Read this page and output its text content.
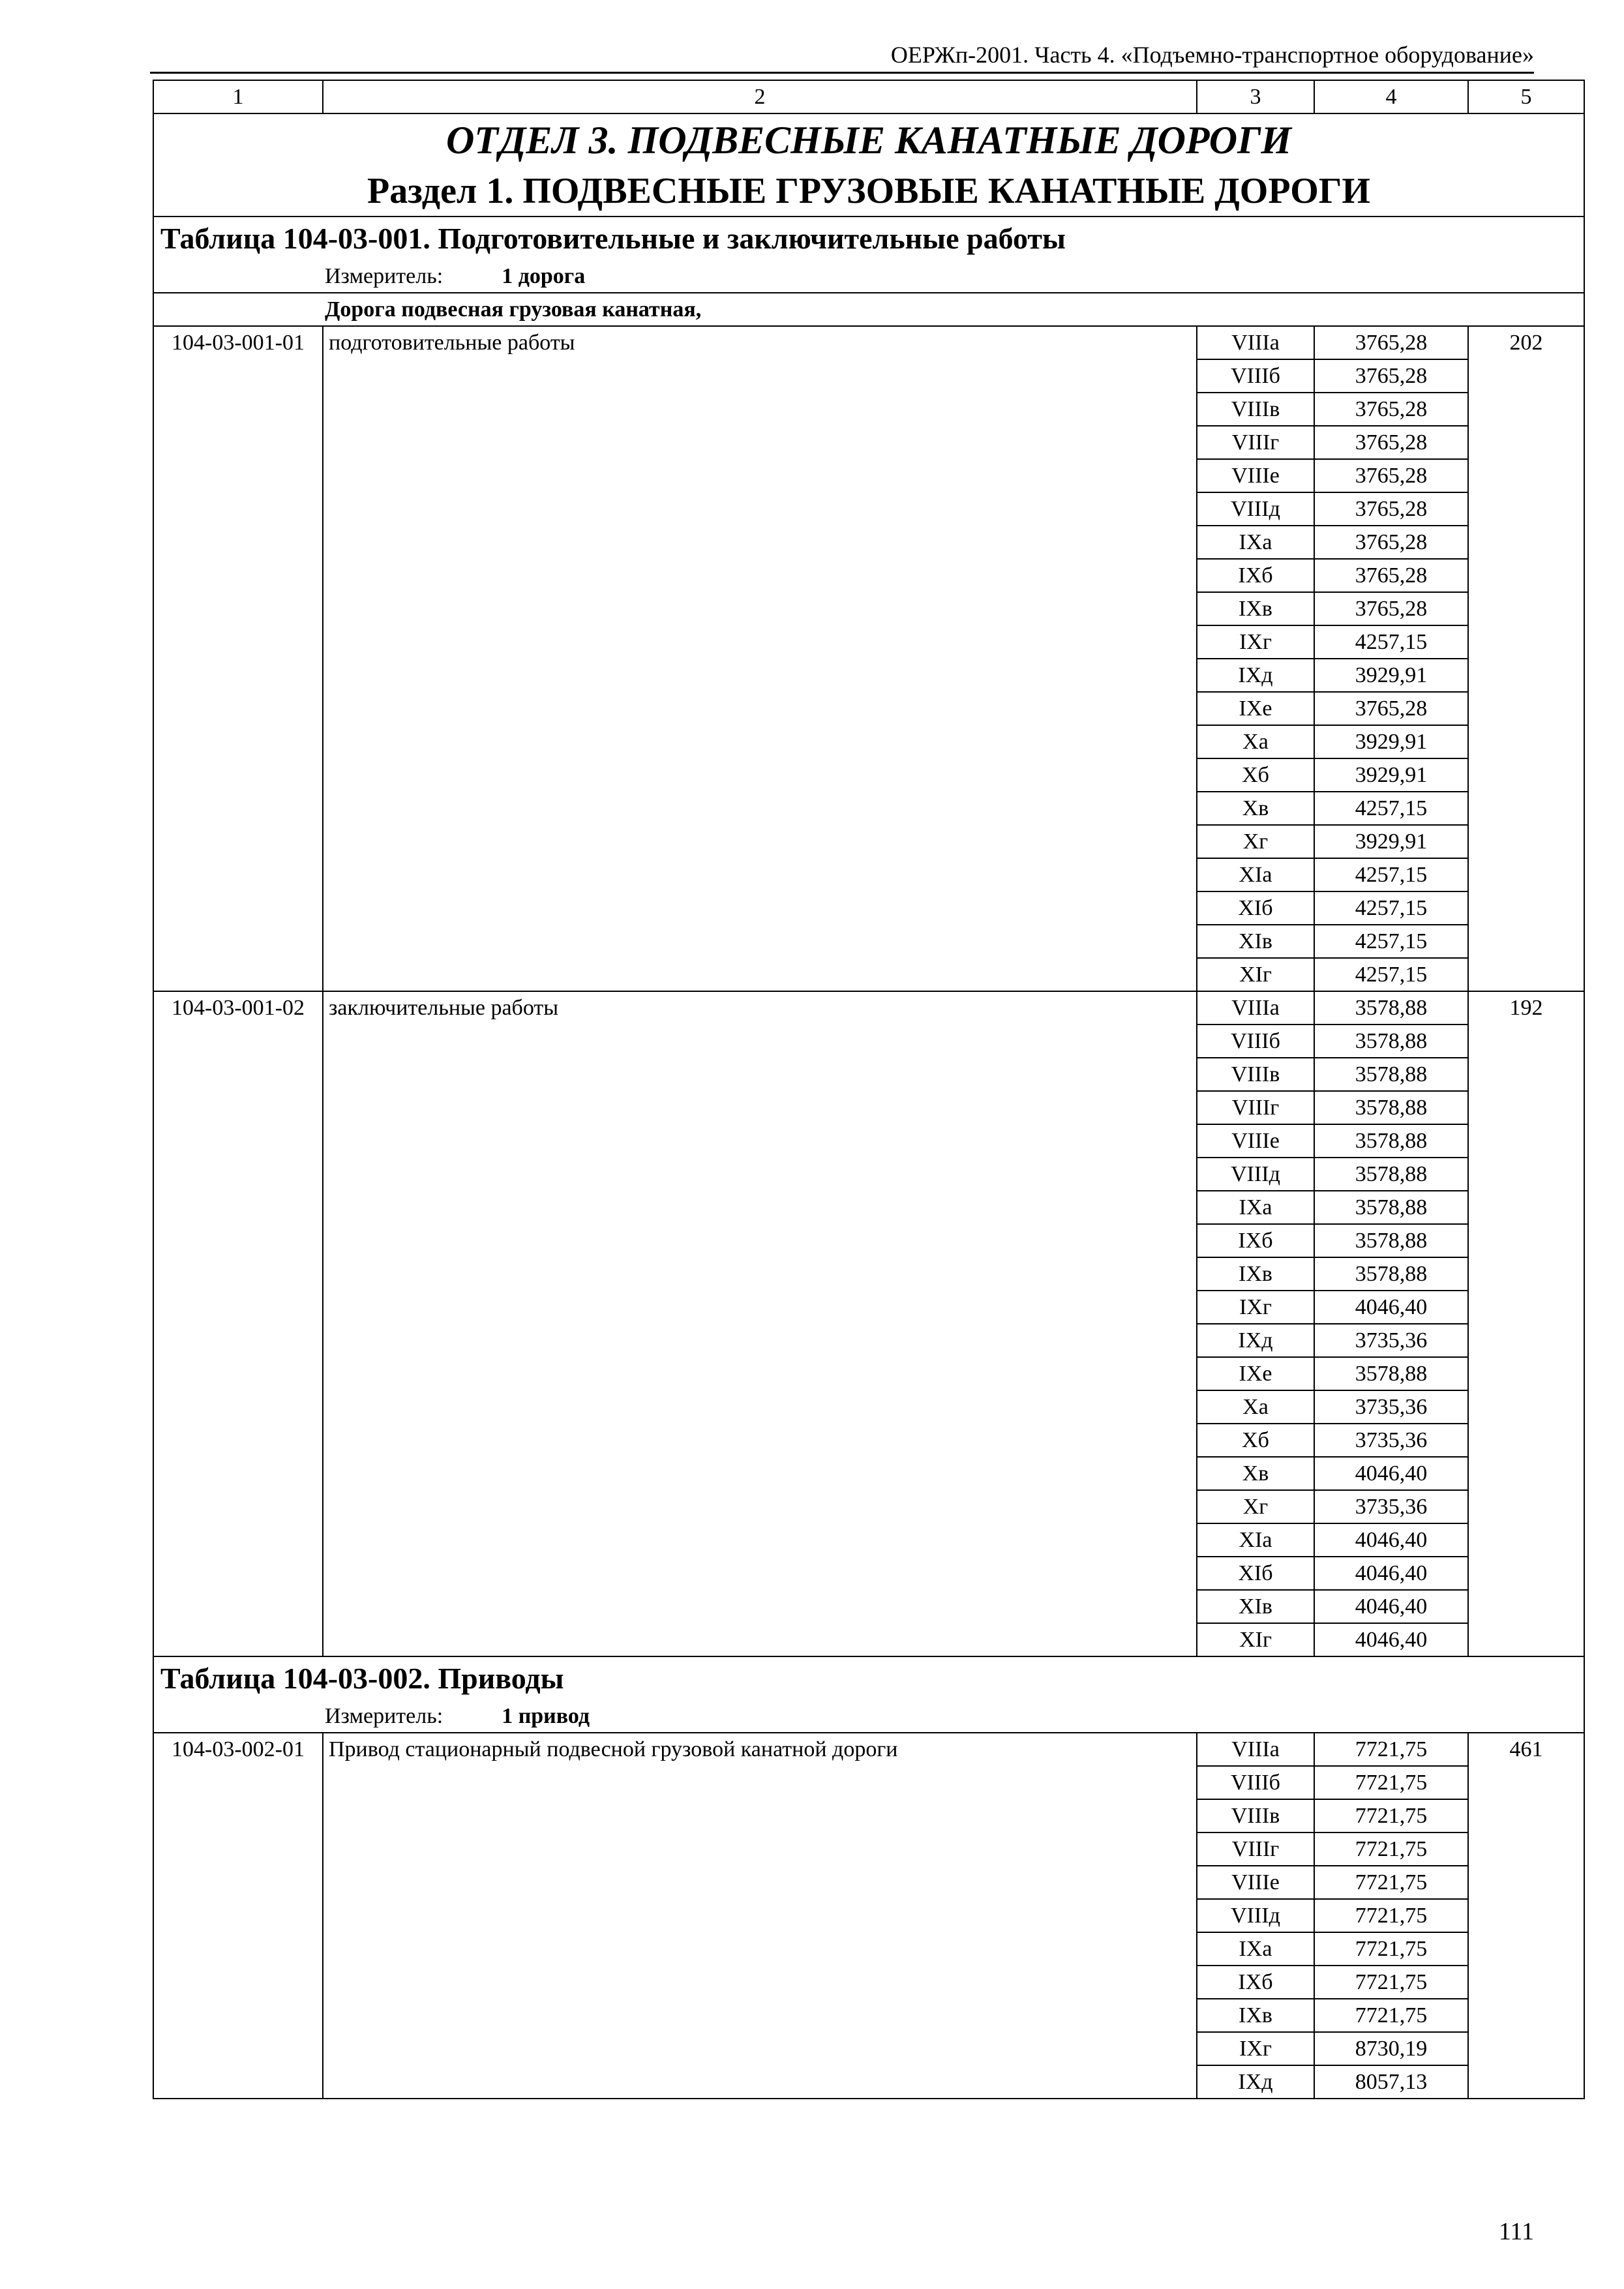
ОЕРЖп-2001. Часть 4. «Подъемно-транспортное оборудование»
1	2	3	4	5
ОТДЕЛ 3. ПОДВЕСНЫЕ КАНАТНЫЕ ДОРОГИ				
Раздел 1. ПОДВЕСНЫЕ ГРУЗОВЫЕ КАНАТНЫЕ ДОРОГИ				
Таблица 104-03-001. Подготовительные и заключительные работы				
Измеритель: 1 дорога				
Дорога подвесная грузовая канатная,				
104-03-001-01	подготовительные работы	VIIIа	3765,28	202
		VIIIб	3765,28	
		VIIIв	3765,28	
		VIIIг	3765,28	
		VIIIе	3765,28	
		VIIIд	3765,28	
		IXа	3765,28	
		IXб	3765,28	
		IXв	3765,28	
		IXг	4257,15	
		IXд	3929,91	
		IXе	3765,28	
		Xа	3929,91	
		Xб	3929,91	
		Xв	4257,15	
		Xг	3929,91	
		XIа	4257,15	
		XIб	4257,15	
		XIв	4257,15	
		XIг	4257,15	
104-03-001-02	заключительные работы	VIIIа	3578,88	192
		VIIIб	3578,88	
		VIIIв	3578,88	
		VIIIг	3578,88	
		VIIIе	3578,88	
		VIIIд	3578,88	
		IXа	3578,88	
		IXб	3578,88	
		IXв	3578,88	
		IXг	4046,40	
		IXд	3735,36	
		IXе	3578,88	
		Xа	3735,36	
		Xб	3735,36	
		Xв	4046,40	
		Xг	3735,36	
		XIа	4046,40	
		XIб	4046,40	
		XIв	4046,40	
		XIг	4046,40	
Таблица 104-03-002. Приводы				
Измеритель: 1 привод				
104-03-002-01	Привод стационарный подвесной грузовой канатной дороги	VIIIа	7721,75	461
		VIIIб	7721,75	
		VIIIв	7721,75	
		VIIIг	7721,75	
		VIIIе	7721,75	
		VIIIд	7721,75	
		IXа	7721,75	
		IXб	7721,75	
		IXв	7721,75	
		IXг	8730,19	
		IXд	8057,13	
111
